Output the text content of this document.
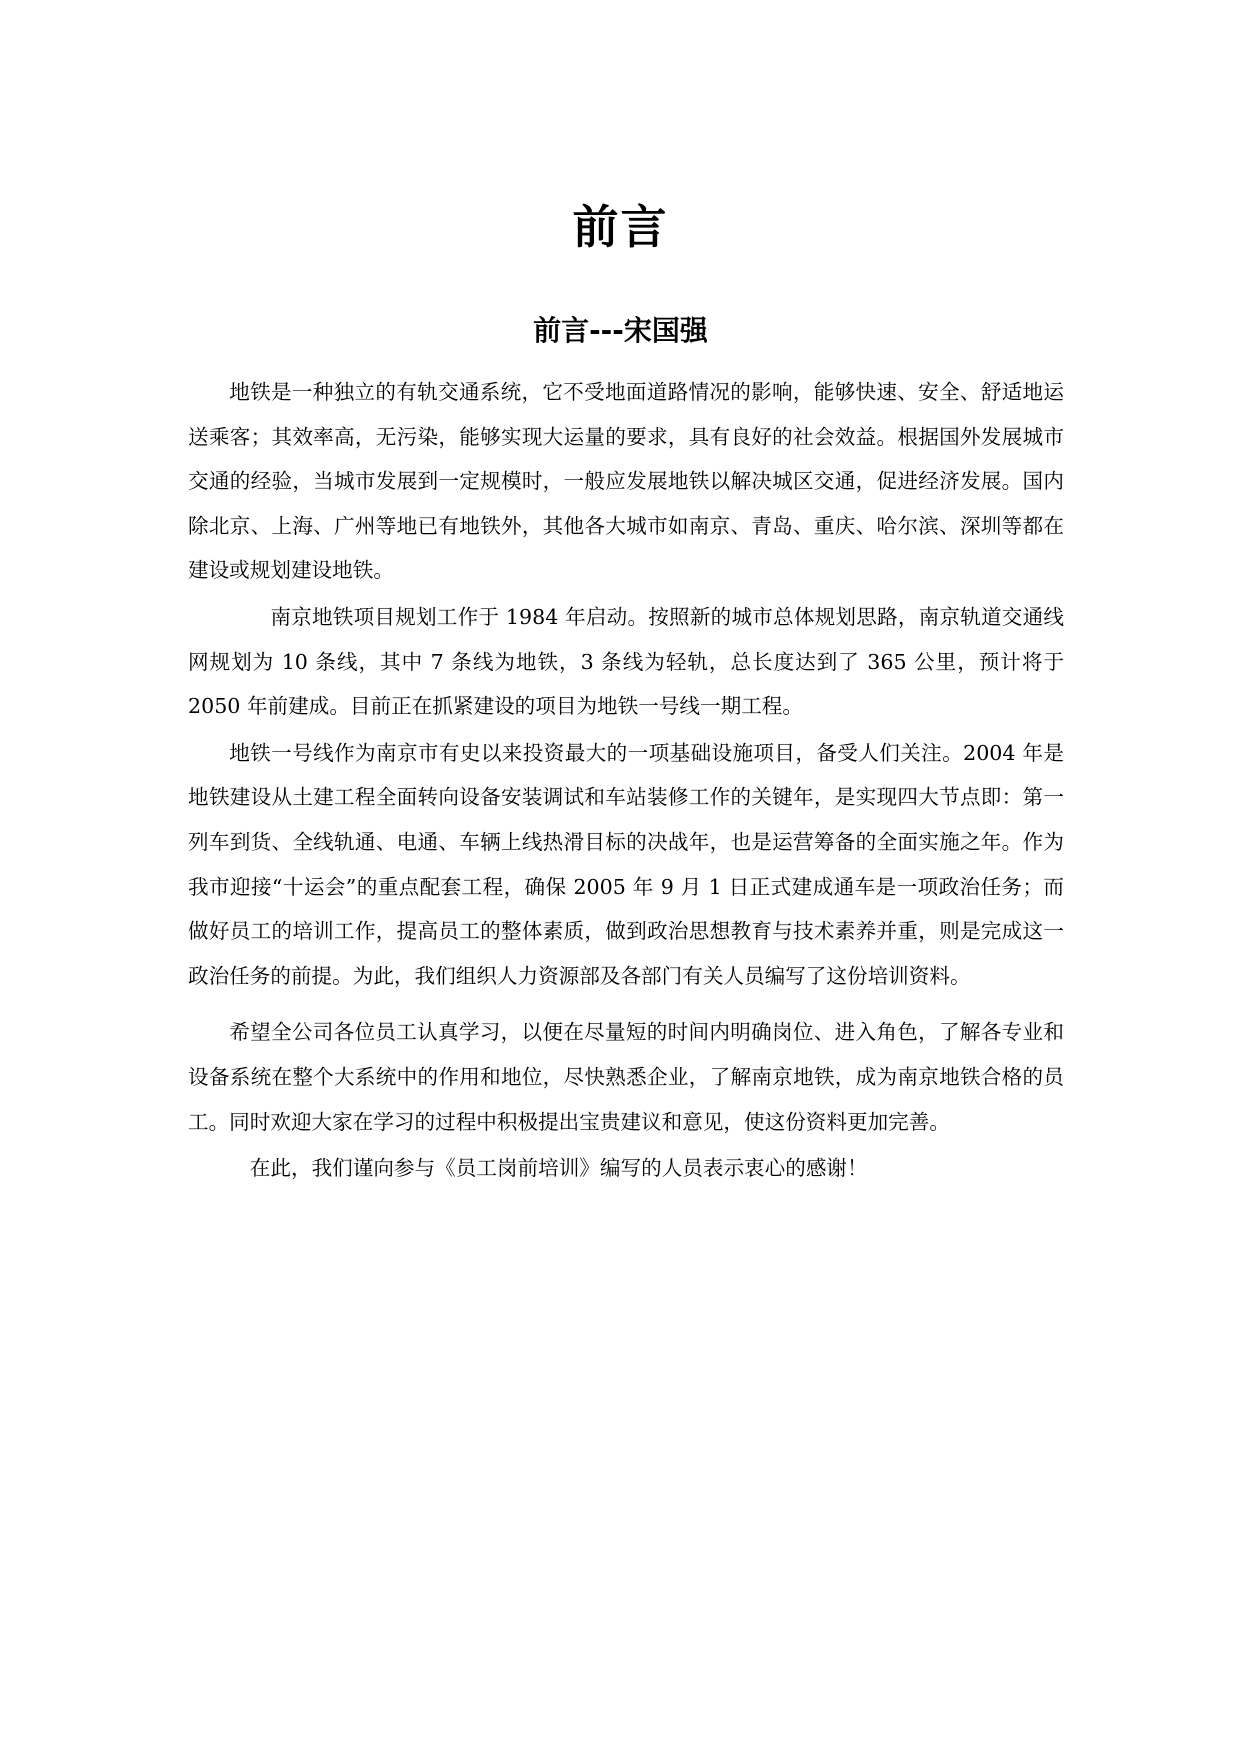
前言
前言---宋国强

地铁是一种独立的有轨交通系统，它不受地面道路情况的影响，能够快速、安全、舒适地运送乘客；其效率高，无污染，能够实现大运量的要求，具有良好的社会效益。根据国外发展城市交通的经验，当城市发展到一定规模时，一般应发展地铁以解决城区交通，促进经济发展。国内除北京、上海、广州等地已有地铁外，其他各大城市如南京、青岛、重庆、哈尔滨、深圳等都在建设或规划建设地铁。

南京地铁项目规划工作于 1984 年启动。按照新的城市总体规划思路，南京轨道交通线网规划为 10 条线，其中 7 条线为地铁，3 条线为轻轨，总长度达到了 365 公里，预计将于 2050 年前建成。目前正在抓紧建设的项目为地铁一号线一期工程。

地铁一号线作为南京市有史以来投资最大的一项基础设施项目，备受人们关注。2004 年是地铁建设从土建工程全面转向设备安装调试和车站装修工作的关键年，是实现四大节点即：第一列车到货、全线轨通、电通、车辆上线热滑目标的决战年，也是运营筹备的全面实施之年。作为我市迎接“十运会”的重点配套工程，确保 2005 年 9 月 1 日正式建成通车是一项政治任务；而做好员工的培训工作，提高员工的整体素质，做到政治思想教育与技术素养并重，则是完成这一政治任务的前提。为此，我们组织人力资源部及各部门有关人员编写了这份培训资料。

希望全公司各位员工认真学习，以便在尽量短的时间内明确岗位、进入角色，了解各专业和设备系统在整个大系统中的作用和地位，尽快熟悉企业，了解南京地铁，成为南京地铁合格的员工。同时欢迎大家在学习的过程中积极提出宝贵建议和意见，使这份资料更加完善。

在此，我们谨向参与《员工岗前培训》编写的人员表示衷心的感谢！
